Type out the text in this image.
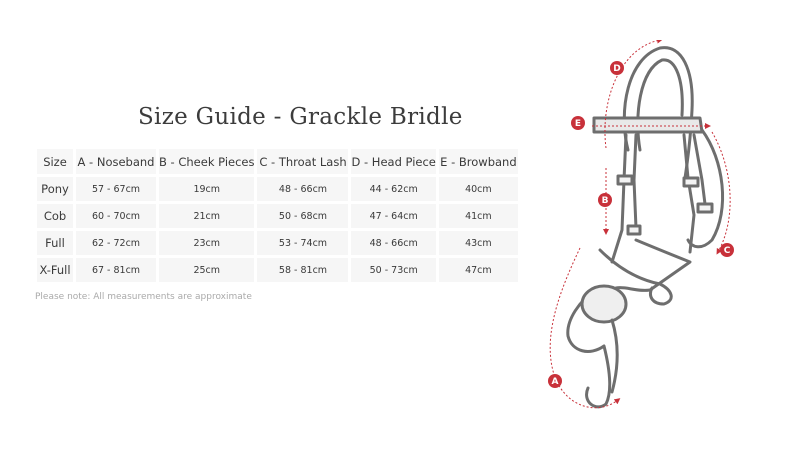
Size Guide - Grackle Bridle
Size	A - Noseband	B - Cheek Pieces	C - Throat Lash	D - Head Piece	E - Browband
Pony	57 - 67cm	19cm	48 - 66cm	44 - 62cm	40cm
Cob	60 - 70cm	21cm	50 - 68cm	47 - 64cm	41cm
Full	62 - 72cm	23cm	53 - 74cm	48 - 66cm	43cm
X-Full	67 - 81cm	25cm	58 - 81cm	50 - 73cm	47cm
Please note: All measurements are approximate
D
E
B
C
A
